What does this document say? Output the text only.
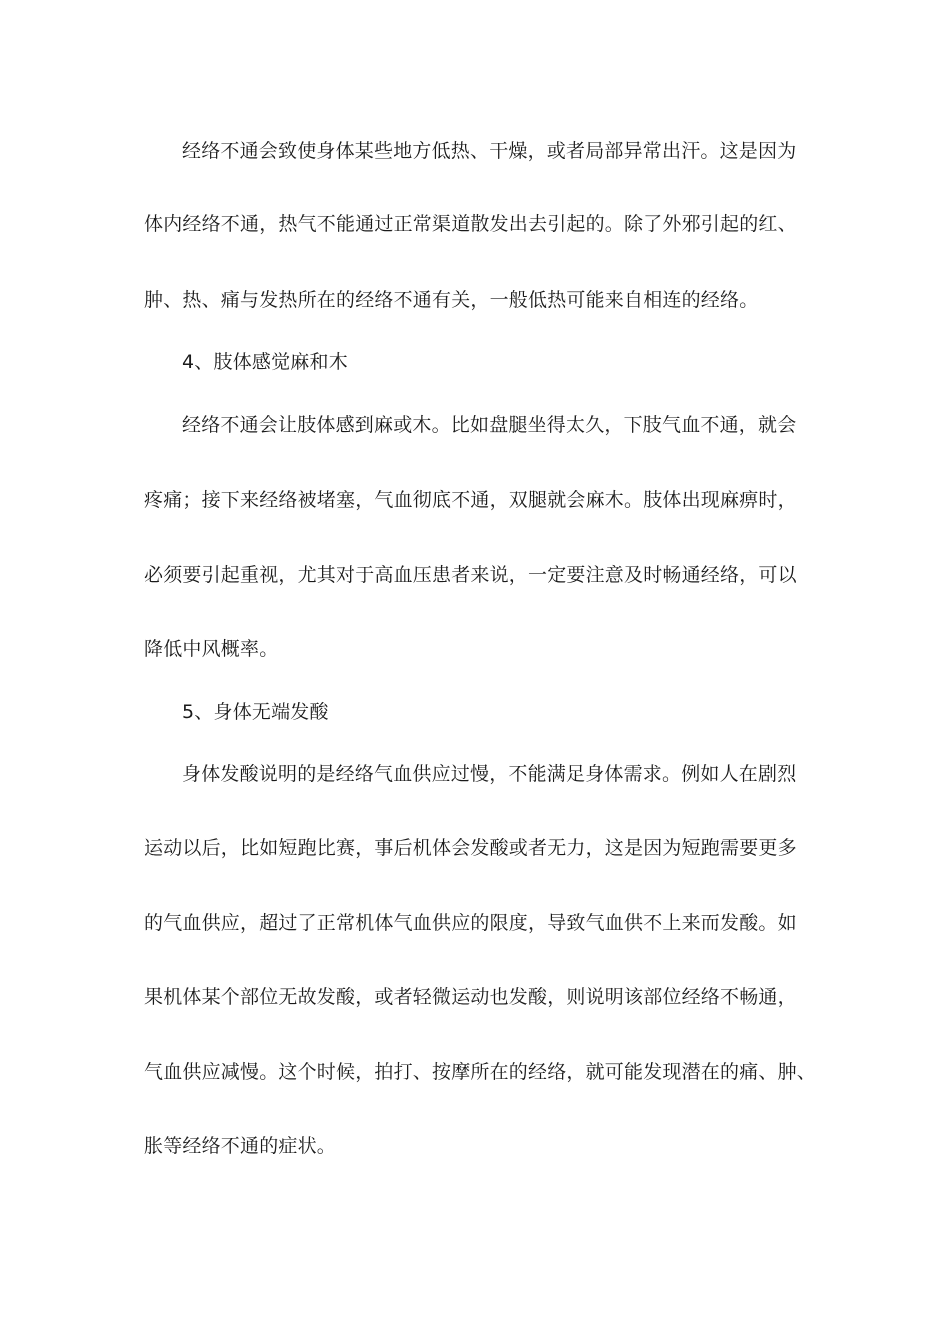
经络不通会致使身体某些地方低热、干燥，或者局部异常出汗。这是因为
体内经络不通，热气不能通过正常渠道散发出去引起的。除了外邪引起的红、
肿、热、痛与发热所在的经络不通有关，一般低热可能来自相连的经络。
4、肢体感觉麻和木
经络不通会让肢体感到麻或木。比如盘腿坐得太久，下肢气血不通，就会
疼痛；接下来经络被堵塞，气血彻底不通，双腿就会麻木。肢体出现麻痹时，
必须要引起重视，尤其对于高血压患者来说，一定要注意及时畅通经络，可以
降低中风概率。
5、身体无端发酸
身体发酸说明的是经络气血供应过慢，不能满足身体需求。例如人在剧烈
运动以后，比如短跑比赛，事后机体会发酸或者无力，这是因为短跑需要更多
的气血供应，超过了正常机体气血供应的限度，导致气血供不上来而发酸。如
果机体某个部位无故发酸，或者轻微运动也发酸，则说明该部位经络不畅通，
气血供应减慢。这个时候，拍打、按摩所在的经络，就可能发现潜在的痛、肿、
胀等经络不通的症状。
